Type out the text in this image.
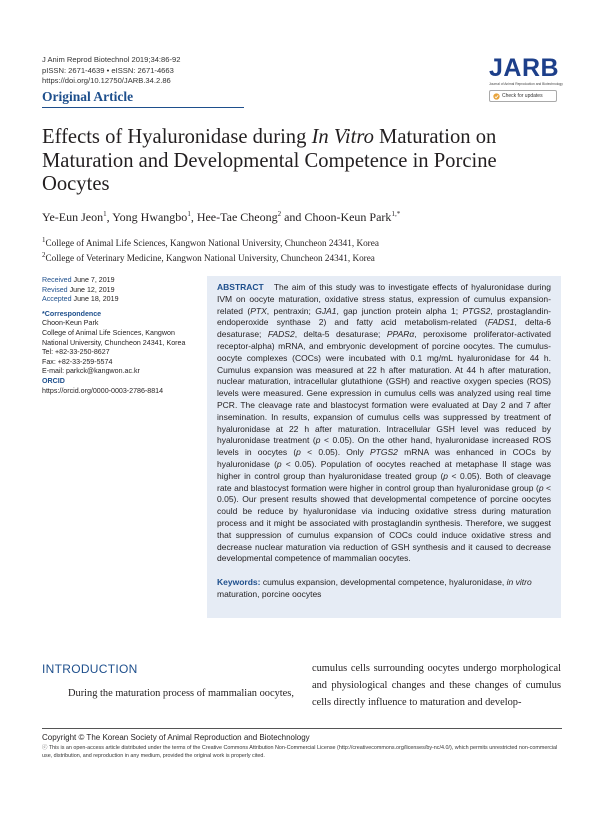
J Anim Reprod Biotechnol 2019;34:86-92
pISSN: 2671-4639 • eISSN: 2671-4663
https://doi.org/10.12750/JARB.34.2.86
Original Article
JARB
Journal of Animal Reproduction and Biotechnology
Check for updates
Effects of Hyaluronidase during In Vitro Maturation on Maturation and Developmental Competence in Porcine Oocytes
Ye-Eun Jeon$^1$, Yong Hwangbo$^1$, Hee-Tae Cheong$^2$ and Choon-Keun Park$^{1,*}$
$^1$College of Animal Life Sciences, Kangwon National University, Chuncheon 24341, Korea
$^2$College of Veterinary Medicine, Kangwon National University, Chuncheon 24341, Korea
Received June 7, 2019
Revised June 12, 2019
Accepted June 18, 2019
*Correspondence
Choon-Keun Park
College of Animal Life Sciences, Kangwon National University, Chuncheon 24341, Korea
Tel: +82-33-250-8627
Fax: +82-33-259-5574
E-mail: parkck@kangwon.ac.kr
ORCID
https://orcid.org/0000-0003-2786-8814
ABSTRACT The aim of this study was to investigate effects of hyaluronidase during IVM on oocyte maturation, oxidative stress status, expression of cumulus expansion-related (PTX, pentraxin; GJA1, gap junction protein alpha 1; PTGS2, prostaglandin-endoperoxide synthase 2) and fatty acid metabolism-related (FADS1, delta-6 desaturase; FADS2, delta-5 desaturase; PPARα, peroxisome proliferator-activated receptor-alpha) mRNA, and embryonic development of porcine oocytes. The cumulus-oocyte complexes (COCs) were incubated with 0.1 mg/mL hyaluronidase for 44 h. Cumulus expansion was measured at 22 h after maturation. At 44 h after maturation, nuclear maturation, intracellular glutathione (GSH) and reactive oxygen species (ROS) levels were measured. Gene expression in cumulus cells was analyzed using real time PCR. The cleavage rate and blastocyst formation were evaluated at Day 2 and 7 after insemination. In results, expansion of cumulus cells was suppressed by treatment of hyaluronidase at 22 h after maturation. Intracellular GSH level was reduced by hyaluronidase treatment (p < 0.05). On the other hand, hyaluronidase increased ROS levels in oocytes (p < 0.05). Only PTGS2 mRNA was enhanced in COCs by hyaluronidase (p < 0.05). Population of oocytes reached at metaphase II stage was higher in control group than hyaluronidase treated group (p < 0.05). Both of cleavage rate and blastocyst formation were higher in control group than hyaluronidase group (p < 0.05). Our present results showed that developmental competence of porcine oocytes could be reduce by hyaluronidase via inducing oxidative stress during maturation process and it might be associated with prostaglandin synthesis. Therefore, we suggest that suppression of cumulus expansion of COCs could induce oxidative stress and decrease nuclear maturation via reduction of GSH synthesis and it caused to decrease developmental competence of mammalian oocytes.
Keywords: cumulus expansion, developmental competence, hyaluronidase, in vitro maturation, porcine oocytes
INTRODUCTION
During the maturation process of mammalian oocytes,
cumulus cells surrounding oocytes undergo morphological and physiological changes and these changes of cumulus cells directly influence to maturation and develop-
Copyright © The Korean Society of Animal Reproduction and Biotechnology
ⓒ This is an open-access article distributed under the terms of the Creative Commons Attribution Non-Commercial License (http://creativecommons.org/licenses/by-nc/4.0/), which permits unrestricted non-commercial use, distribution, and reproduction in any medium, provided the original work is properly cited.
